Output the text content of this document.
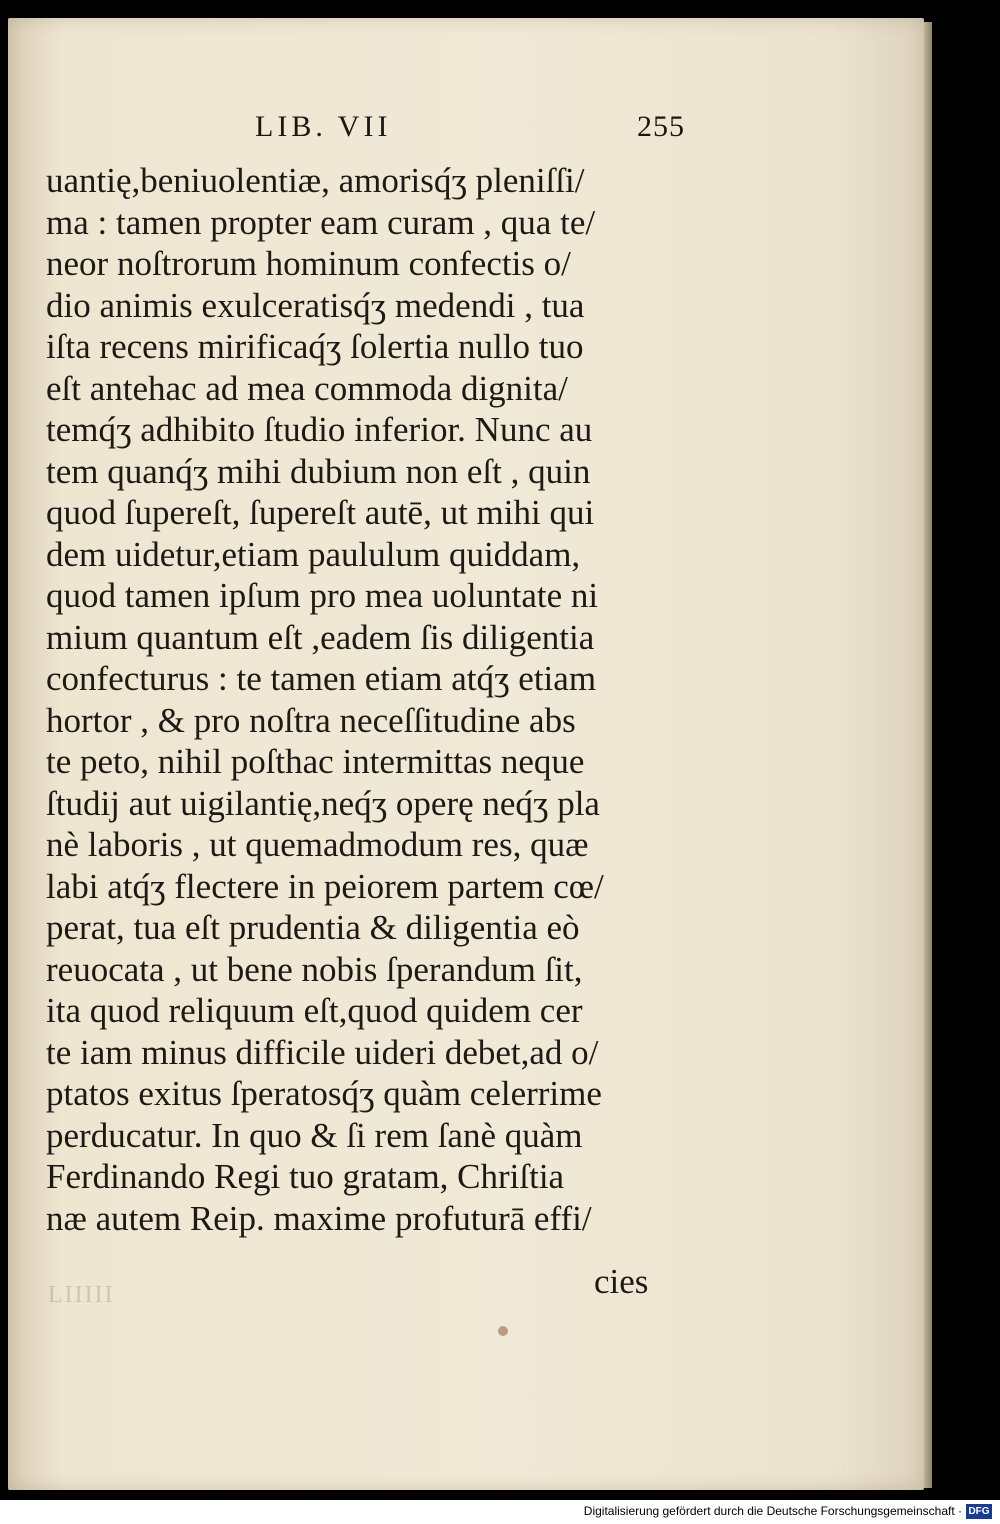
LIIIII
LIB. VII	255
uantię,beniuolentiæ, amorisq́ʒ pleniſſi/
ma : tamen propter eam curam , qua te/
neor noſtrorum hominum confectis o/
dio animis exulceratisq́ʒ medendi , tua
iſta recens mirificaq́ʒ ſolertia nullo tuo
eſt antehac ad mea commoda dignita/
temq́ʒ adhibito ſtudio inferior. Nunc au
tem quanq́ʒ mihi dubium non eſt , quin
quod ſupereſt, ſupereſt autē, ut mihi qui
dem uidetur,etiam paululum quiddam,
quod tamen ipſum pro mea uoluntate ni
mium quantum eſt ,eadem ſis diligentia
confecturus : te tamen etiam atq́ʒ etiam
hortor , & pro noſtra neceſſitudine abs
te peto, nihil poſthac intermittas neque
ſtudij aut uigilantię,neq́ʒ operę neq́ʒ pla
nè laboris , ut quemadmodum res, quæ
labi atq́ʒ flectere in peiorem partem cœ/
perat, tua eſt prudentia & diligentia eò
reuocata , ut bene nobis ſperandum ſit,
ita quod reliquum eſt,quod quidem cer
te iam minus difficile uideri debet,ad o/
ptatos exitus ſperatosq́ʒ quàm celerrime
perducatur. In quo & ſi rem ſanè quàm
Ferdinando Regi tuo gratam, Chriſtia
næ autem Reip. maxime profuturā effi/
cies
Digitalisierung gefördert durch die Deutsche Forschungsgemeinschaft · DFG
